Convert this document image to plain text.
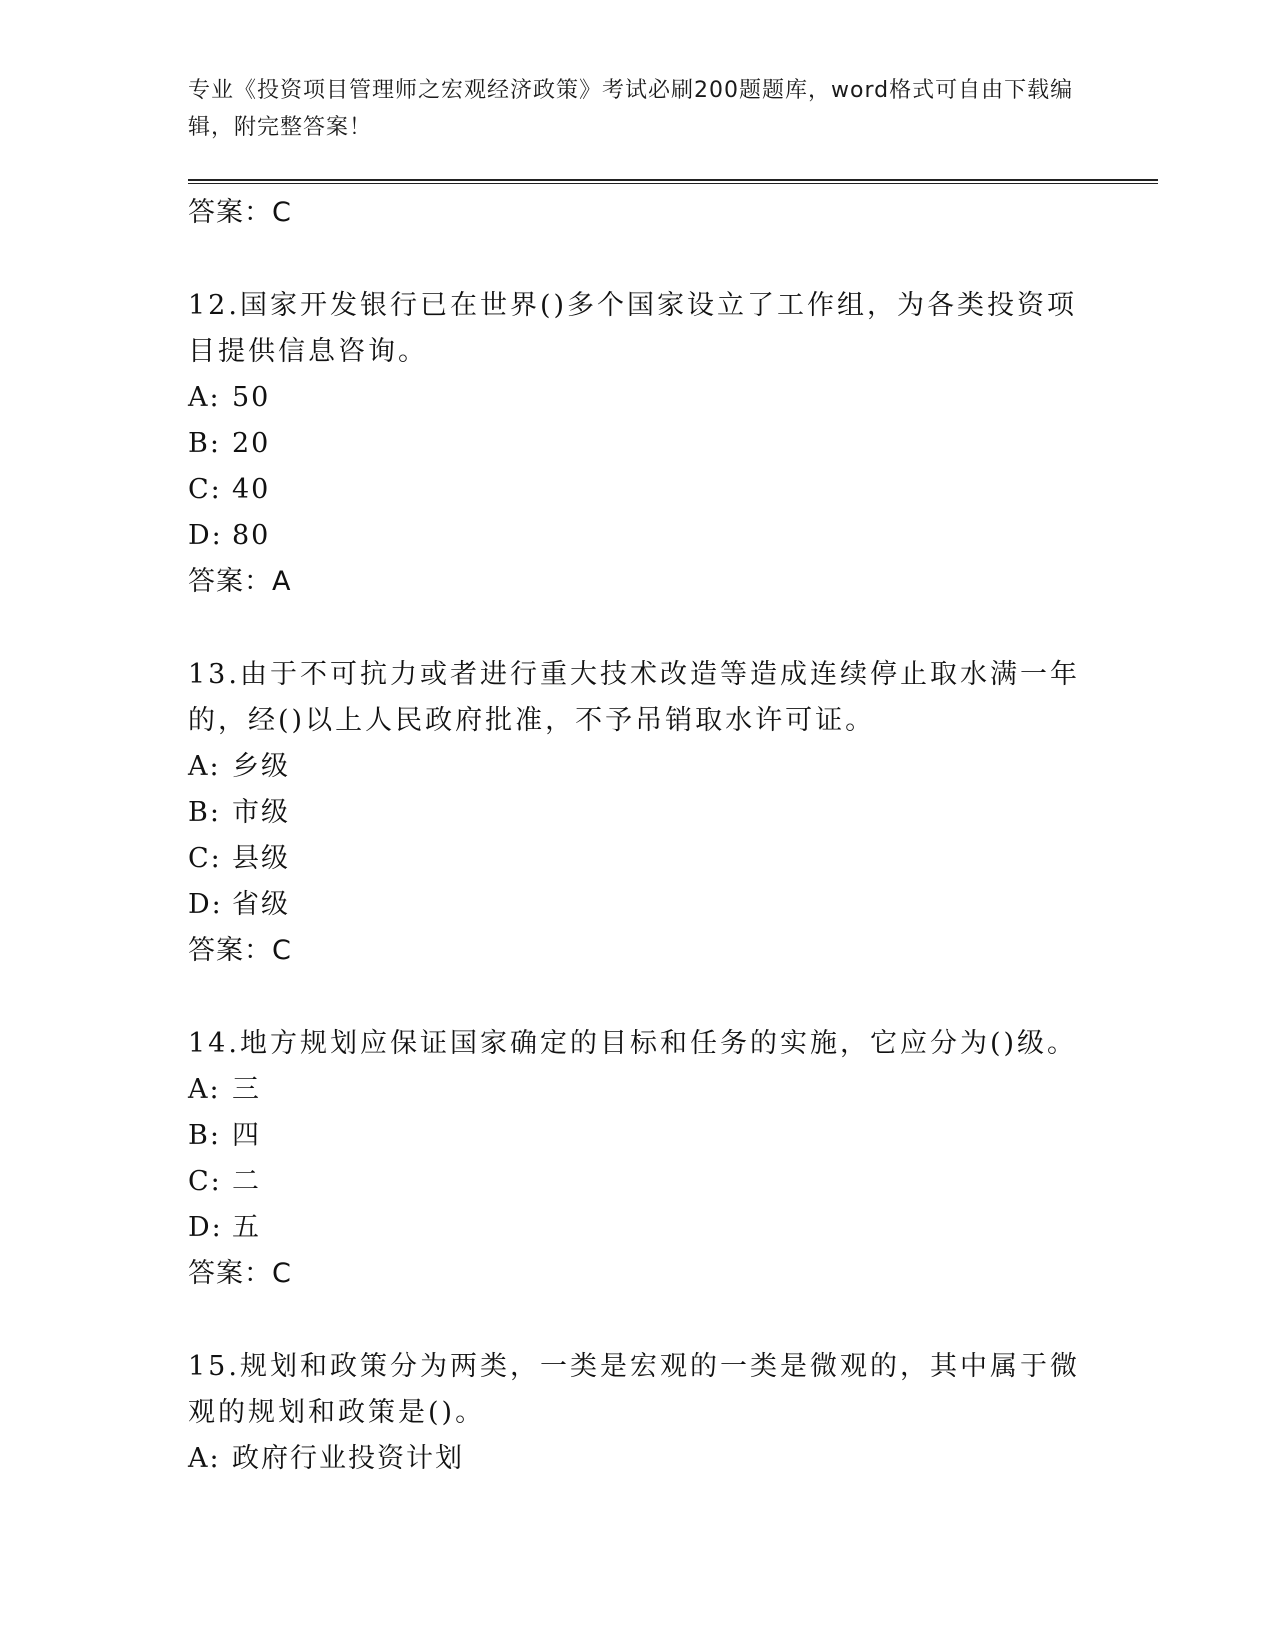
专业《投资项目管理师之宏观经济政策》考试必刷200题题库，word格式可自由下载编辑，附完整答案！
答案：C
12.国家开发银行已在世界()多个国家设立了工作组，为各类投资项目提供信息咨询。
A: 50
B: 20
C: 40
D: 80
答案：A
13.由于不可抗力或者进行重大技术改造等造成连续停止取水满一年的，经()以上人民政府批准，不予吊销取水许可证。
A: 乡级
B: 市级
C: 县级
D: 省级
答案：C
14.地方规划应保证国家确定的目标和任务的实施，它应分为()级。
A: 三
B: 四
C: 二
D: 五
答案：C
15.规划和政策分为两类，一类是宏观的一类是微观的，其中属于微观的规划和政策是()。
A: 政府行业投资计划
